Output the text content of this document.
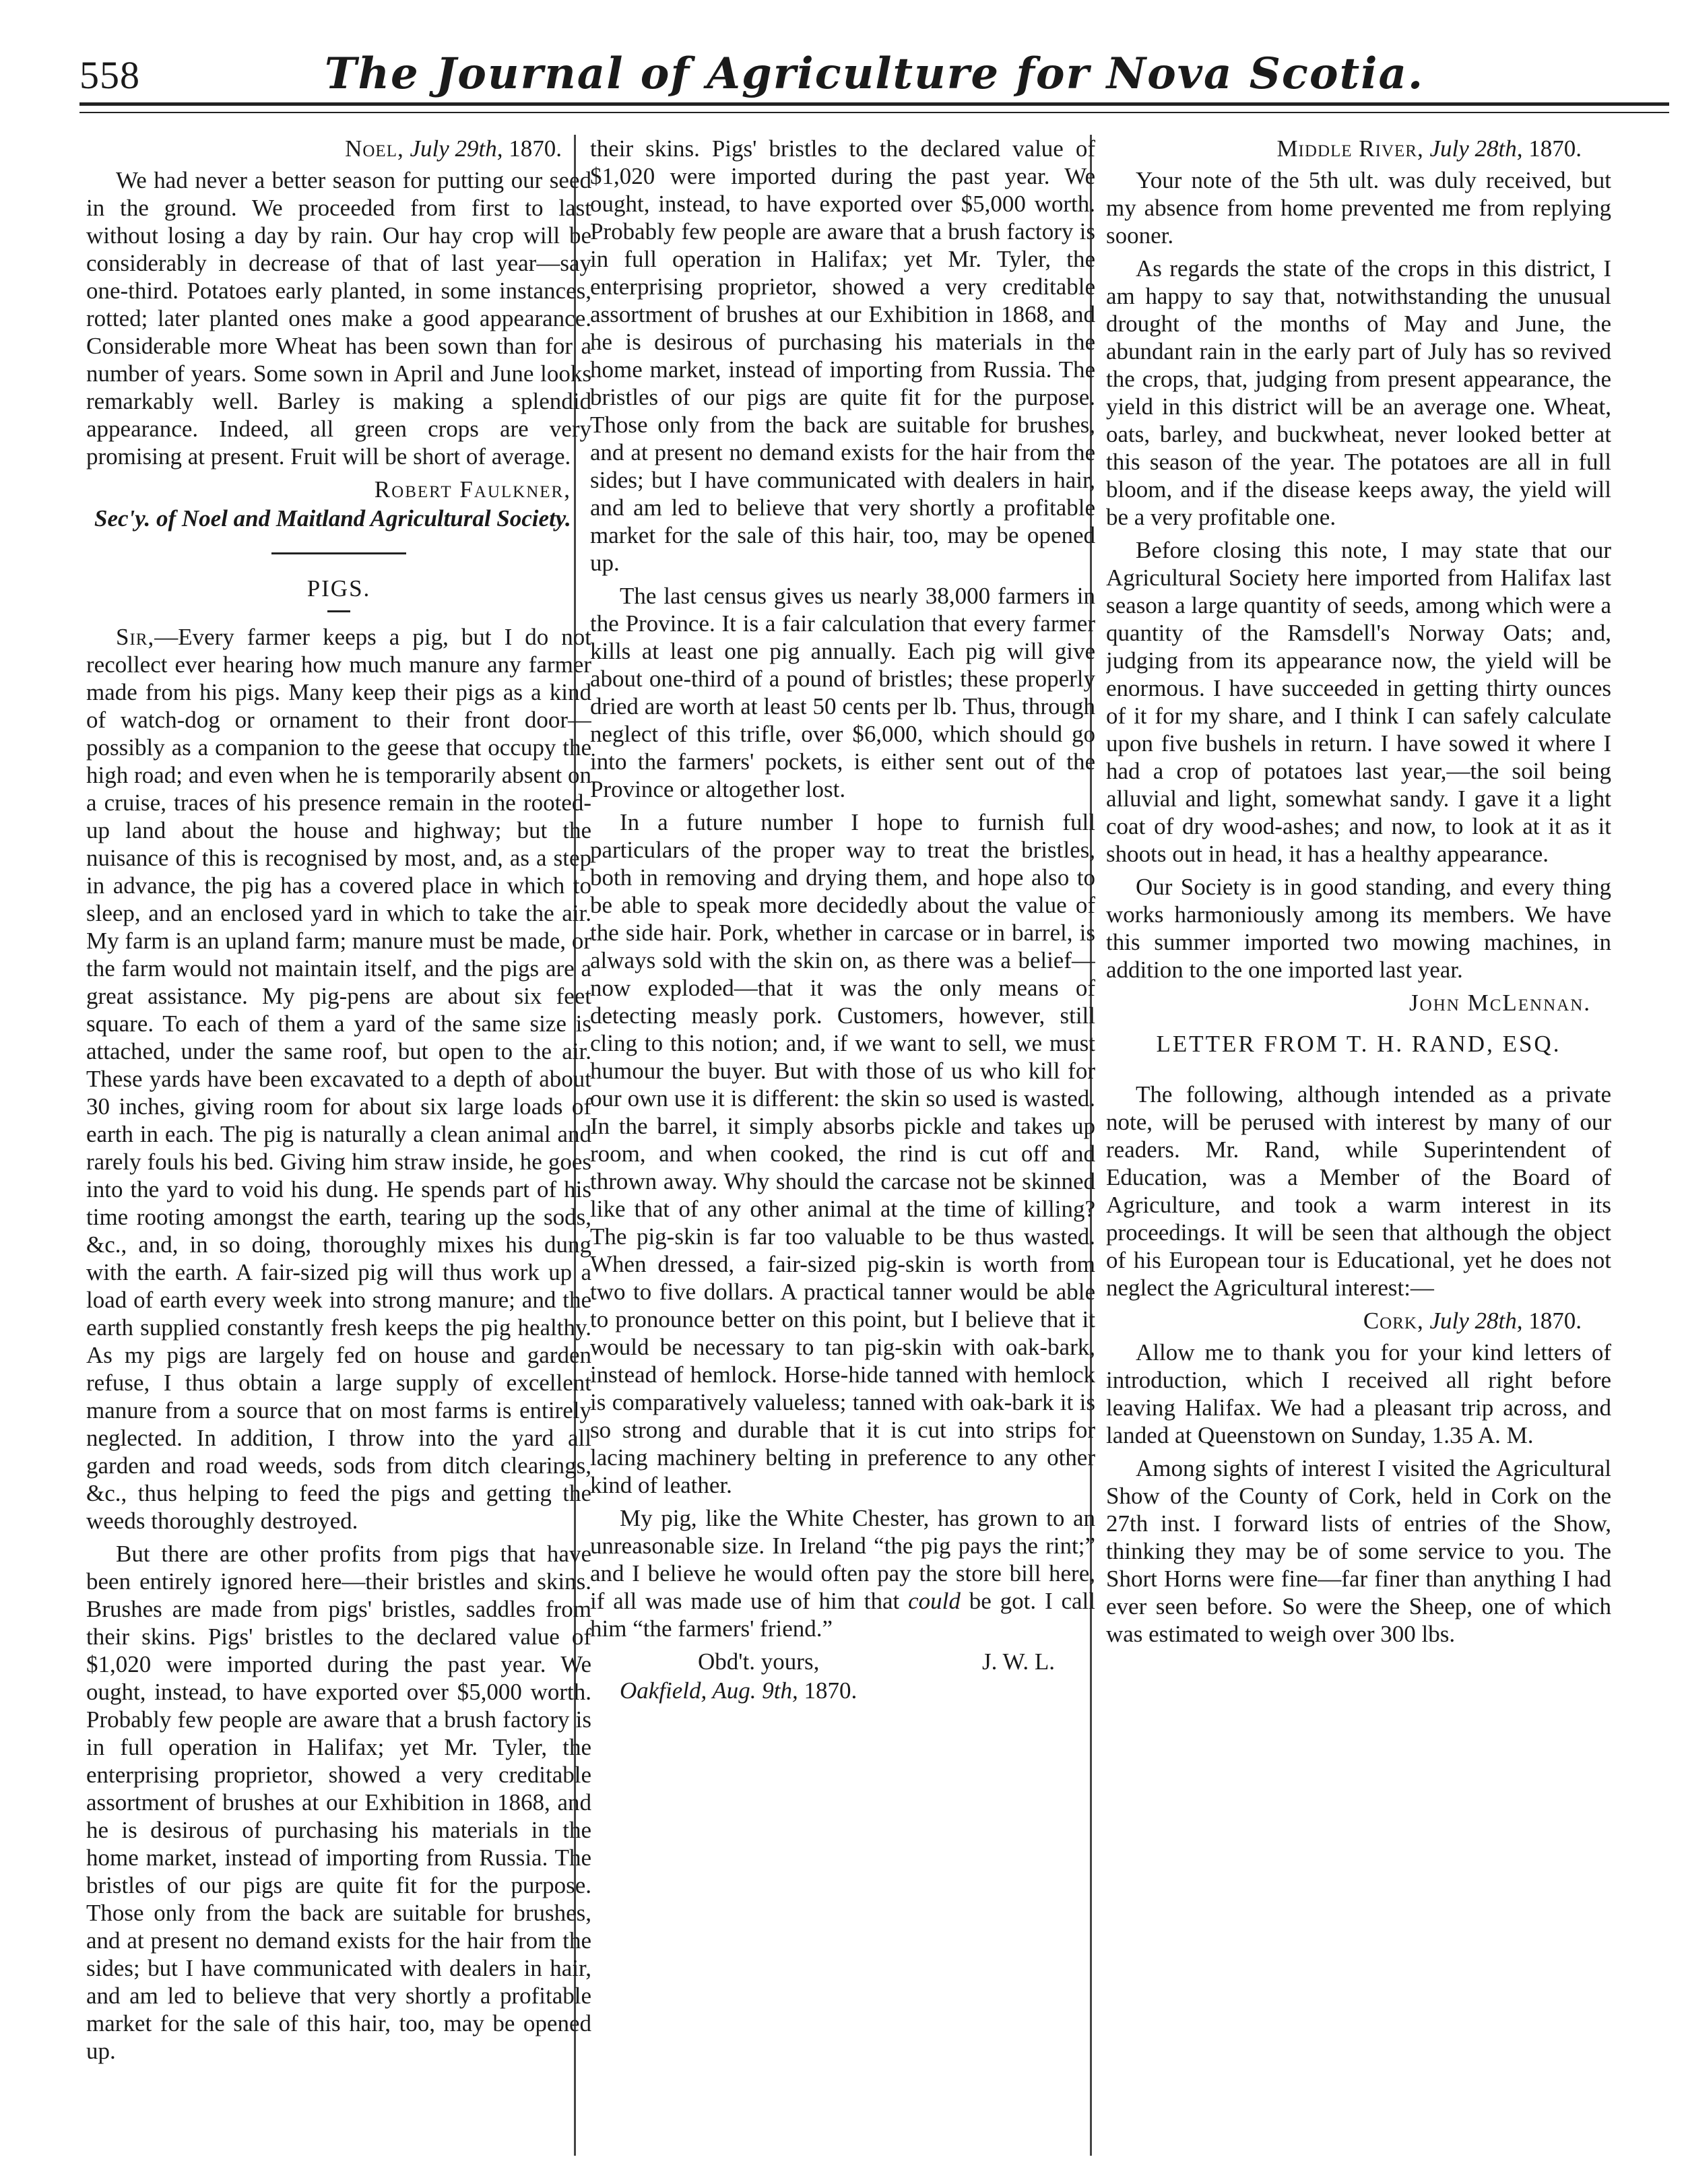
558	The Journal of Agriculture for Nova Scotia.

Noel, July 29th, 1870.

We had never a better season for putting our seed in the ground. We proceeded from first to last without losing a day by rain. Our hay crop will be considerably in decrease of that of last year—say one-third. Potatoes early planted, in some instances, rotted; later planted ones make a good appearance. Considerable more Wheat has been sown than for a number of years. Some sown in April and June looks remarkably well. Barley is making a splendid appearance. Indeed, all green crops are very promising at present. Fruit will be short of average.

Robert Faulkner,

Sec'y. of Noel and Maitland Agricultural Society.

PIGS.

Sir,—Every farmer keeps a pig, but I do not recollect ever hearing how much manure any farmer made from his pigs. Many keep their pigs as a kind of watch-dog or ornament to their front door—possibly as a companion to the geese that occupy the high road; and even when he is temporarily absent on a cruise, traces of his presence remain in the rooted-up land about the house and highway; but the nuisance of this is recognised by most, and, as a step in advance, the pig has a covered place in which to sleep, and an enclosed yard in which to take the air. My farm is an upland farm; manure must be made, or the farm would not maintain itself, and the pigs are a great assistance. My pig-pens are about six feet square. To each of them a yard of the same size is attached, under the same roof, but open to the air. These yards have been excavated to a depth of about 30 inches, giving room for about six large loads of earth in each. The pig is naturally a clean animal and rarely fouls his bed. Giving him straw inside, he goes into the yard to void his dung. He spends part of his time rooting amongst the earth, tearing up the sods, &c., and, in so doing, thoroughly mixes his dung with the earth. A fair-sized pig will thus work up a load of earth every week into strong manure; and the earth supplied constantly fresh keeps the pig healthy. As my pigs are largely fed on house and garden refuse, I thus obtain a large supply of excellent manure from a source that on most farms is entirely neglected. In addition, I throw into the yard all garden and road weeds, sods from ditch clearings, &c., thus helping to feed the pigs and getting the weeds thoroughly destroyed.

But there are other profits from pigs that have been entirely ignored here—their bristles and skins. Brushes are made from pigs' bristles, saddles from their skins. Pigs' bristles to the declared value of $1,020 were imported during the past year. We ought, instead, to have exported over $5,000 worth. Probably few people are aware that a brush factory is in full operation in Halifax; yet Mr. Tyler, the enterprising proprietor, showed a very creditable assortment of brushes at our Exhibition in 1868, and he is desirous of purchasing his materials in the home market, instead of importing from Russia. The bristles of our pigs are quite fit for the purpose. Those only from the back are suitable for brushes, and at present no demand exists for the hair from the sides; but I have communicated with dealers in hair, and am led to believe that very shortly a profitable market for the sale of this hair, too, may be opened up.

their skins. Pigs' bristles to the declared value of $1,020 were imported during the past year. We ought, instead, to have exported over $5,000 worth. Probably few people are aware that a brush factory is in full operation in Halifax; yet Mr. Tyler, the enterprising proprietor, showed a very creditable assortment of brushes at our Exhibition in 1868, and he is desirous of purchasing his materials in the home market, instead of importing from Russia. The bristles of our pigs are quite fit for the purpose. Those only from the back are suitable for brushes, and at present no demand exists for the hair from the sides; but I have communicated with dealers in hair, and am led to believe that very shortly a profitable market for the sale of this hair, too, may be opened up.

The last census gives us nearly 38,000 farmers in the Province. It is a fair calculation that every farmer kills at least one pig annually. Each pig will give about one-third of a pound of bristles; these properly dried are worth at least 50 cents per lb. Thus, through neglect of this trifle, over $6,000, which should go into the farmers' pockets, is either sent out of the Province or altogether lost.

In a future number I hope to furnish full particulars of the proper way to treat the bristles, both in removing and drying them, and hope also to be able to speak more decidedly about the value of the side hair. Pork, whether in carcase or in barrel, is always sold with the skin on, as there was a belief—now exploded—that it was the only means of detecting measly pork. Customers, however, still cling to this notion; and, if we want to sell, we must humour the buyer. But with those of us who kill for our own use it is different: the skin so used is wasted. In the barrel, it simply absorbs pickle and takes up room, and when cooked, the rind is cut off and thrown away. Why should the carcase not be skinned like that of any other animal at the time of killing? The pig-skin is far too valuable to be thus wasted. When dressed, a fair-sized pig-skin is worth from two to five dollars. A practical tanner would be able to pronounce better on this point, but I believe that it would be necessary to tan pig-skin with oak-bark, instead of hemlock. Horse-hide tanned with hemlock is comparatively valueless; tanned with oak-bark it is so strong and durable that it is cut into strips for lacing machinery belting in preference to any other kind of leather.

My pig, like the White Chester, has grown to an unreasonable size. In Ireland “the pig pays the rint;” and I believe he would often pay the store bill here, if all was made use of him that could be got. I call him “the farmers' friend.”

Obd't. yours,	J. W. L.

Oakfield, Aug. 9th, 1870.

Middle River, July 28th, 1870.

Your note of the 5th ult. was duly received, but my absence from home prevented me from replying sooner.

As regards the state of the crops in this district, I am happy to say that, notwithstanding the unusual drought of the months of May and June, the abundant rain in the early part of July has so revived the crops, that, judging from present appearance, the yield in this district will be an average one. Wheat, oats, barley, and buckwheat, never looked better at this season of the year. The potatoes are all in full bloom, and if the disease keeps away, the yield will be a very profitable one.

Before closing this note, I may state that our Agricultural Society here imported from Halifax last season a large quantity of seeds, among which were a quantity of the Ramsdell's Norway Oats; and, judging from its appearance now, the yield will be enormous. I have succeeded in getting thirty ounces of it for my share, and I think I can safely calculate upon five bushels in return. I have sowed it where I had a crop of potatoes last year,—the soil being alluvial and light, somewhat sandy. I gave it a light coat of dry wood-ashes; and now, to look at it as it shoots out in head, it has a healthy appearance.

Our Society is in good standing, and every thing works harmoniously among its members. We have this summer imported two mowing machines, in addition to the one imported last year.

John McLennan.

LETTER FROM T. H. RAND, ESQ.

The following, although intended as a private note, will be perused with interest by many of our readers. Mr. Rand, while Superintendent of Education, was a Member of the Board of Agriculture, and took a warm interest in its proceedings. It will be seen that although the object of his European tour is Educational, yet he does not neglect the Agricultural interest:—

Cork, July 28th, 1870.

Allow me to thank you for your kind letters of introduction, which I received all right before leaving Halifax. We had a pleasant trip across, and landed at Queenstown on Sunday, 1.35 A. M.

Among sights of interest I visited the Agricultural Show of the County of Cork, held in Cork on the 27th inst. I forward lists of entries of the Show, thinking they may be of some service to you. The Short Horns were fine—far finer than anything I had ever seen before. So were the Sheep, one of which was estimated to weigh over 300 lbs.
